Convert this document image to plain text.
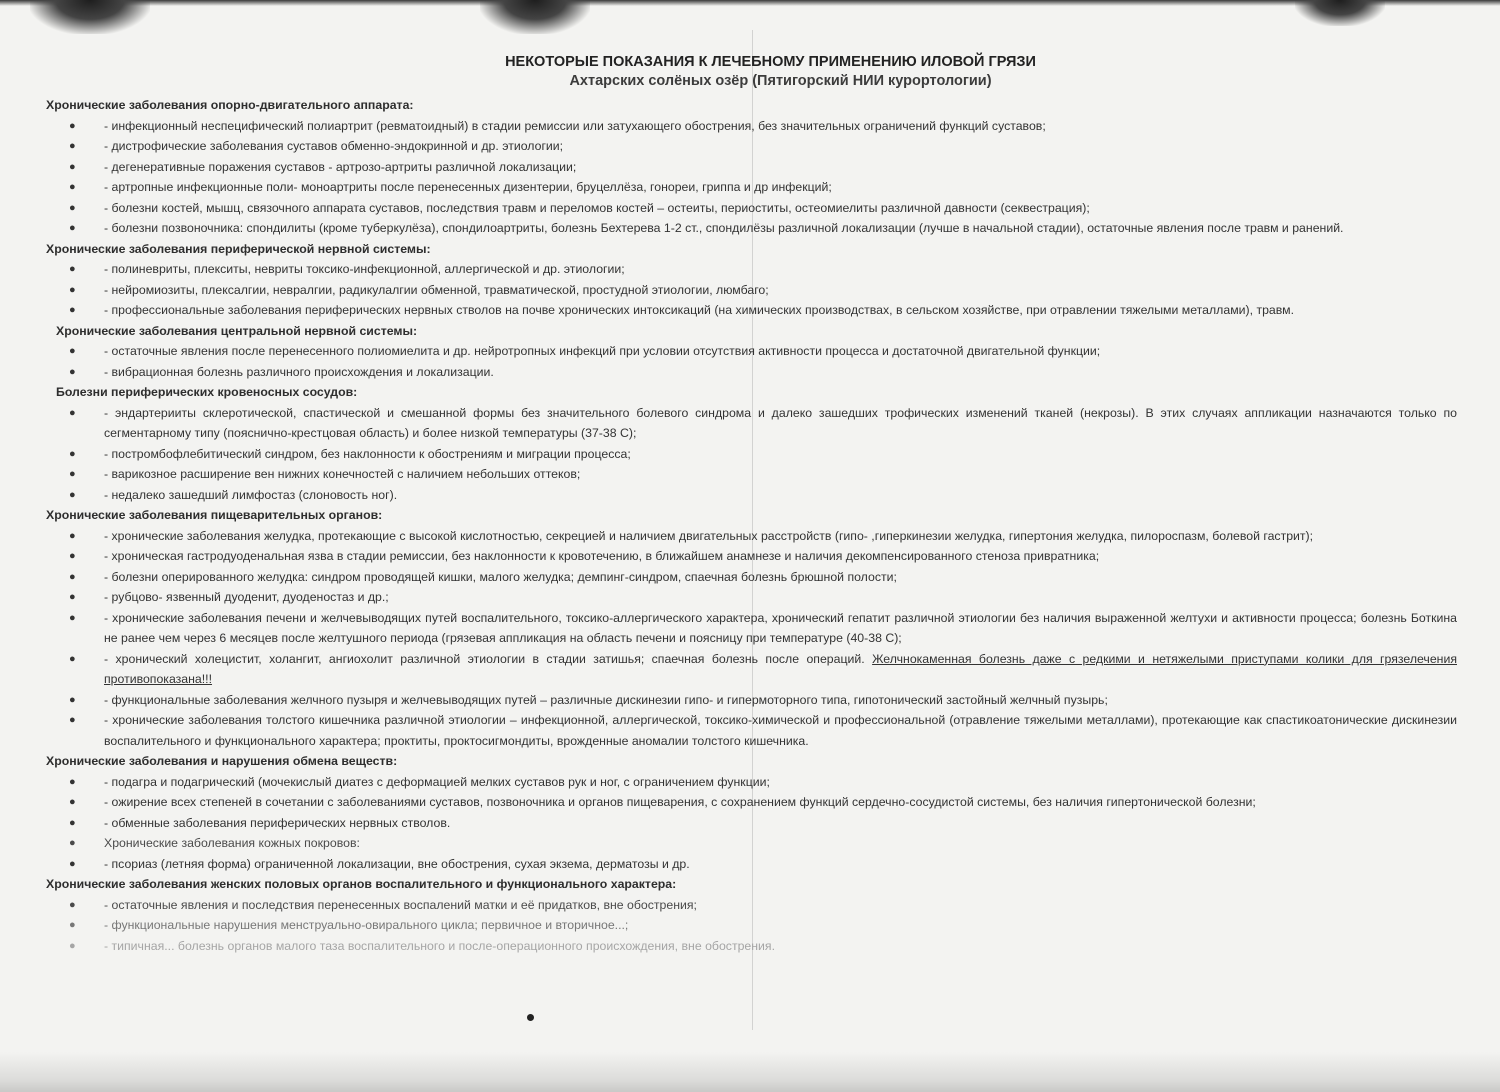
НЕКОТОРЫЕ ПОКАЗАНИЯ К ЛЕЧЕБНОМУ ПРИМЕНЕНИЮ ИЛОВОЙ ГРЯЗИ
Ахтарских солёных озёр (Пятигорский НИИ курортологии)
Хронические заболевания опорно-двигательного аппарата:
● - инфекционный неспецифический полиартрит (ревматоидный) в стадии ремиссии или затухающего обострения, без значительных ограничений функций суставов;
● - дистрофические заболевания суставов обменно-эндокринной и др. этиологии;
● - дегенеративные поражения суставов - артрозо-артриты различной локализации;
● - артропные инфекционные поли- моноартриты после перенесенных дизентерии, бруцеллёза, гонореи, гриппа и др инфекций;
● - болезни костей, мышц, связочного аппарата суставов, последствия травм и переломов костей – остеиты, периоститы, остеомиелиты различной давности (секвестрация);
● - болезни позвоночника: спондилиты (кроме туберкулёза), спондилоартриты, болезнь Бехтерева 1-2 ст., спондилёзы различной локализации (лучше в начальной стадии), остаточные явления после травм и ранений.
Хронические заболевания периферической нервной системы:
● - полиневриты, плекситы, невриты токсико-инфекционной, аллергической и др. этиологии;
● - нейромиозиты, плексалгии, невралгии, радикулалгии обменной, травматической, простудной этиологии, люмбаго;
● - профессиональные заболевания периферических нервных стволов на почве хронических интоксикаций (на химических производствах, в сельском хозяйстве, при отравлении тяжелыми металлами), травм.
Хронические заболевания центральной нервной системы:
● - остаточные явления после перенесенного полиомиелита и др. нейротропных инфекций при условии отсутствия активности процесса и достаточной двигательной функции;
● - вибрационная болезнь различного происхождения и локализации.
Болезни периферических кровеносных сосудов:
● - эндартерииты склеротической, спастической и смешанной формы без значительного болевого синдрома и далеко зашедших трофических изменений тканей (некрозы). В этих случаях аппликации назначаются только по сегментарному типу (пояснично-крестцовая область) и более низкой температуры (37-38 С);
● - постромбофлебитический синдром, без наклонности к обострениям и миграции процесса;
● - варикозное расширение вен нижних конечностей с наличием небольших оттеков;
● - недалеко зашедший лимфостаз (слоновость ног).
Хронические заболевания пищеварительных органов:
● - хронические заболевания желудка, протекающие с высокой кислотностью, секрецией и наличием двигательных расстройств (гипо- ,гиперкинезии желудка, гипертония желудка, пилороспазм, болевой гастрит);
● - хроническая гастродуоденальная язва в стадии ремиссии, без наклонности к кровотечению, в ближайшем анамнезе и наличия декомпенсированного стеноза привратника;
● - болезни оперированного желудка: синдром проводящей кишки, малого желудка; демпинг-синдром, спаечная болезнь брюшной полости;
● - рубцово- язвенный дуоденит, дуоденостаз и др.;
● - хронические заболевания печени и желчевыводящих путей воспалительного, токсико-аллергического характера, хронический гепатит различной этиологии без наличия выраженной желтухи и активности процесса; болезнь Боткина не ранее чем через 6 месяцев после желтушного периода (грязевая аппликация на область печени и поясницу при температуре (40-38 С);
● - хронический холецистит, холангит, ангиохолит различной этиологии в стадии затишья; спаечная болезнь после операций. Желчнокаменная болезнь даже с редкими и нетяжелыми приступами колики для грязелечения противопоказана!!!
● - функциональные заболевания желчного пузыря и желчевыводящих путей – различные дискинезии гипо- и гипермоторного типа, гипотонический застойный желчный пузырь;
● - хронические заболевания толстого кишечника различной этиологии – инфекционной, аллергической, токсико-химической и профессиональной (отравление тяжелыми металлами), протекающие как спастикоатонические дискинезии воспалительного и функционального характера; проктиты, проктосигмондиты, врожденные аномалии толстого кишечника.
Хронические заболевания и нарушения обмена веществ:
● - подагра и подагрический (мочекислый диатез с деформацией мелких суставов рук и ног, с ограничением функции;
● - ожирение всех степеней в сочетании с заболеваниями суставов, позвоночника и органов пищеварения, с сохранением функций сердечно-сосудистой системы, без наличия гипертонической болезни;
● - обменные заболевания периферических нервных стволов.
● Хронические заболевания кожных покровов:
● - псориаз (летняя форма) ограниченной локализации, вне обострения, сухая экзема, дерматозы и др.
Хронические заболевания женских половых органов воспалительного и функционального характера:
● - остаточные явления и последствия перенесенных воспалений матки и её придатков, вне обострения;
● - функциональные нарушения менструально-овирального цикла; первичное и вторичное...;
● - типичная... болезнь органов малого таза воспалительного и после-операционного происхождения, вне обострения.
